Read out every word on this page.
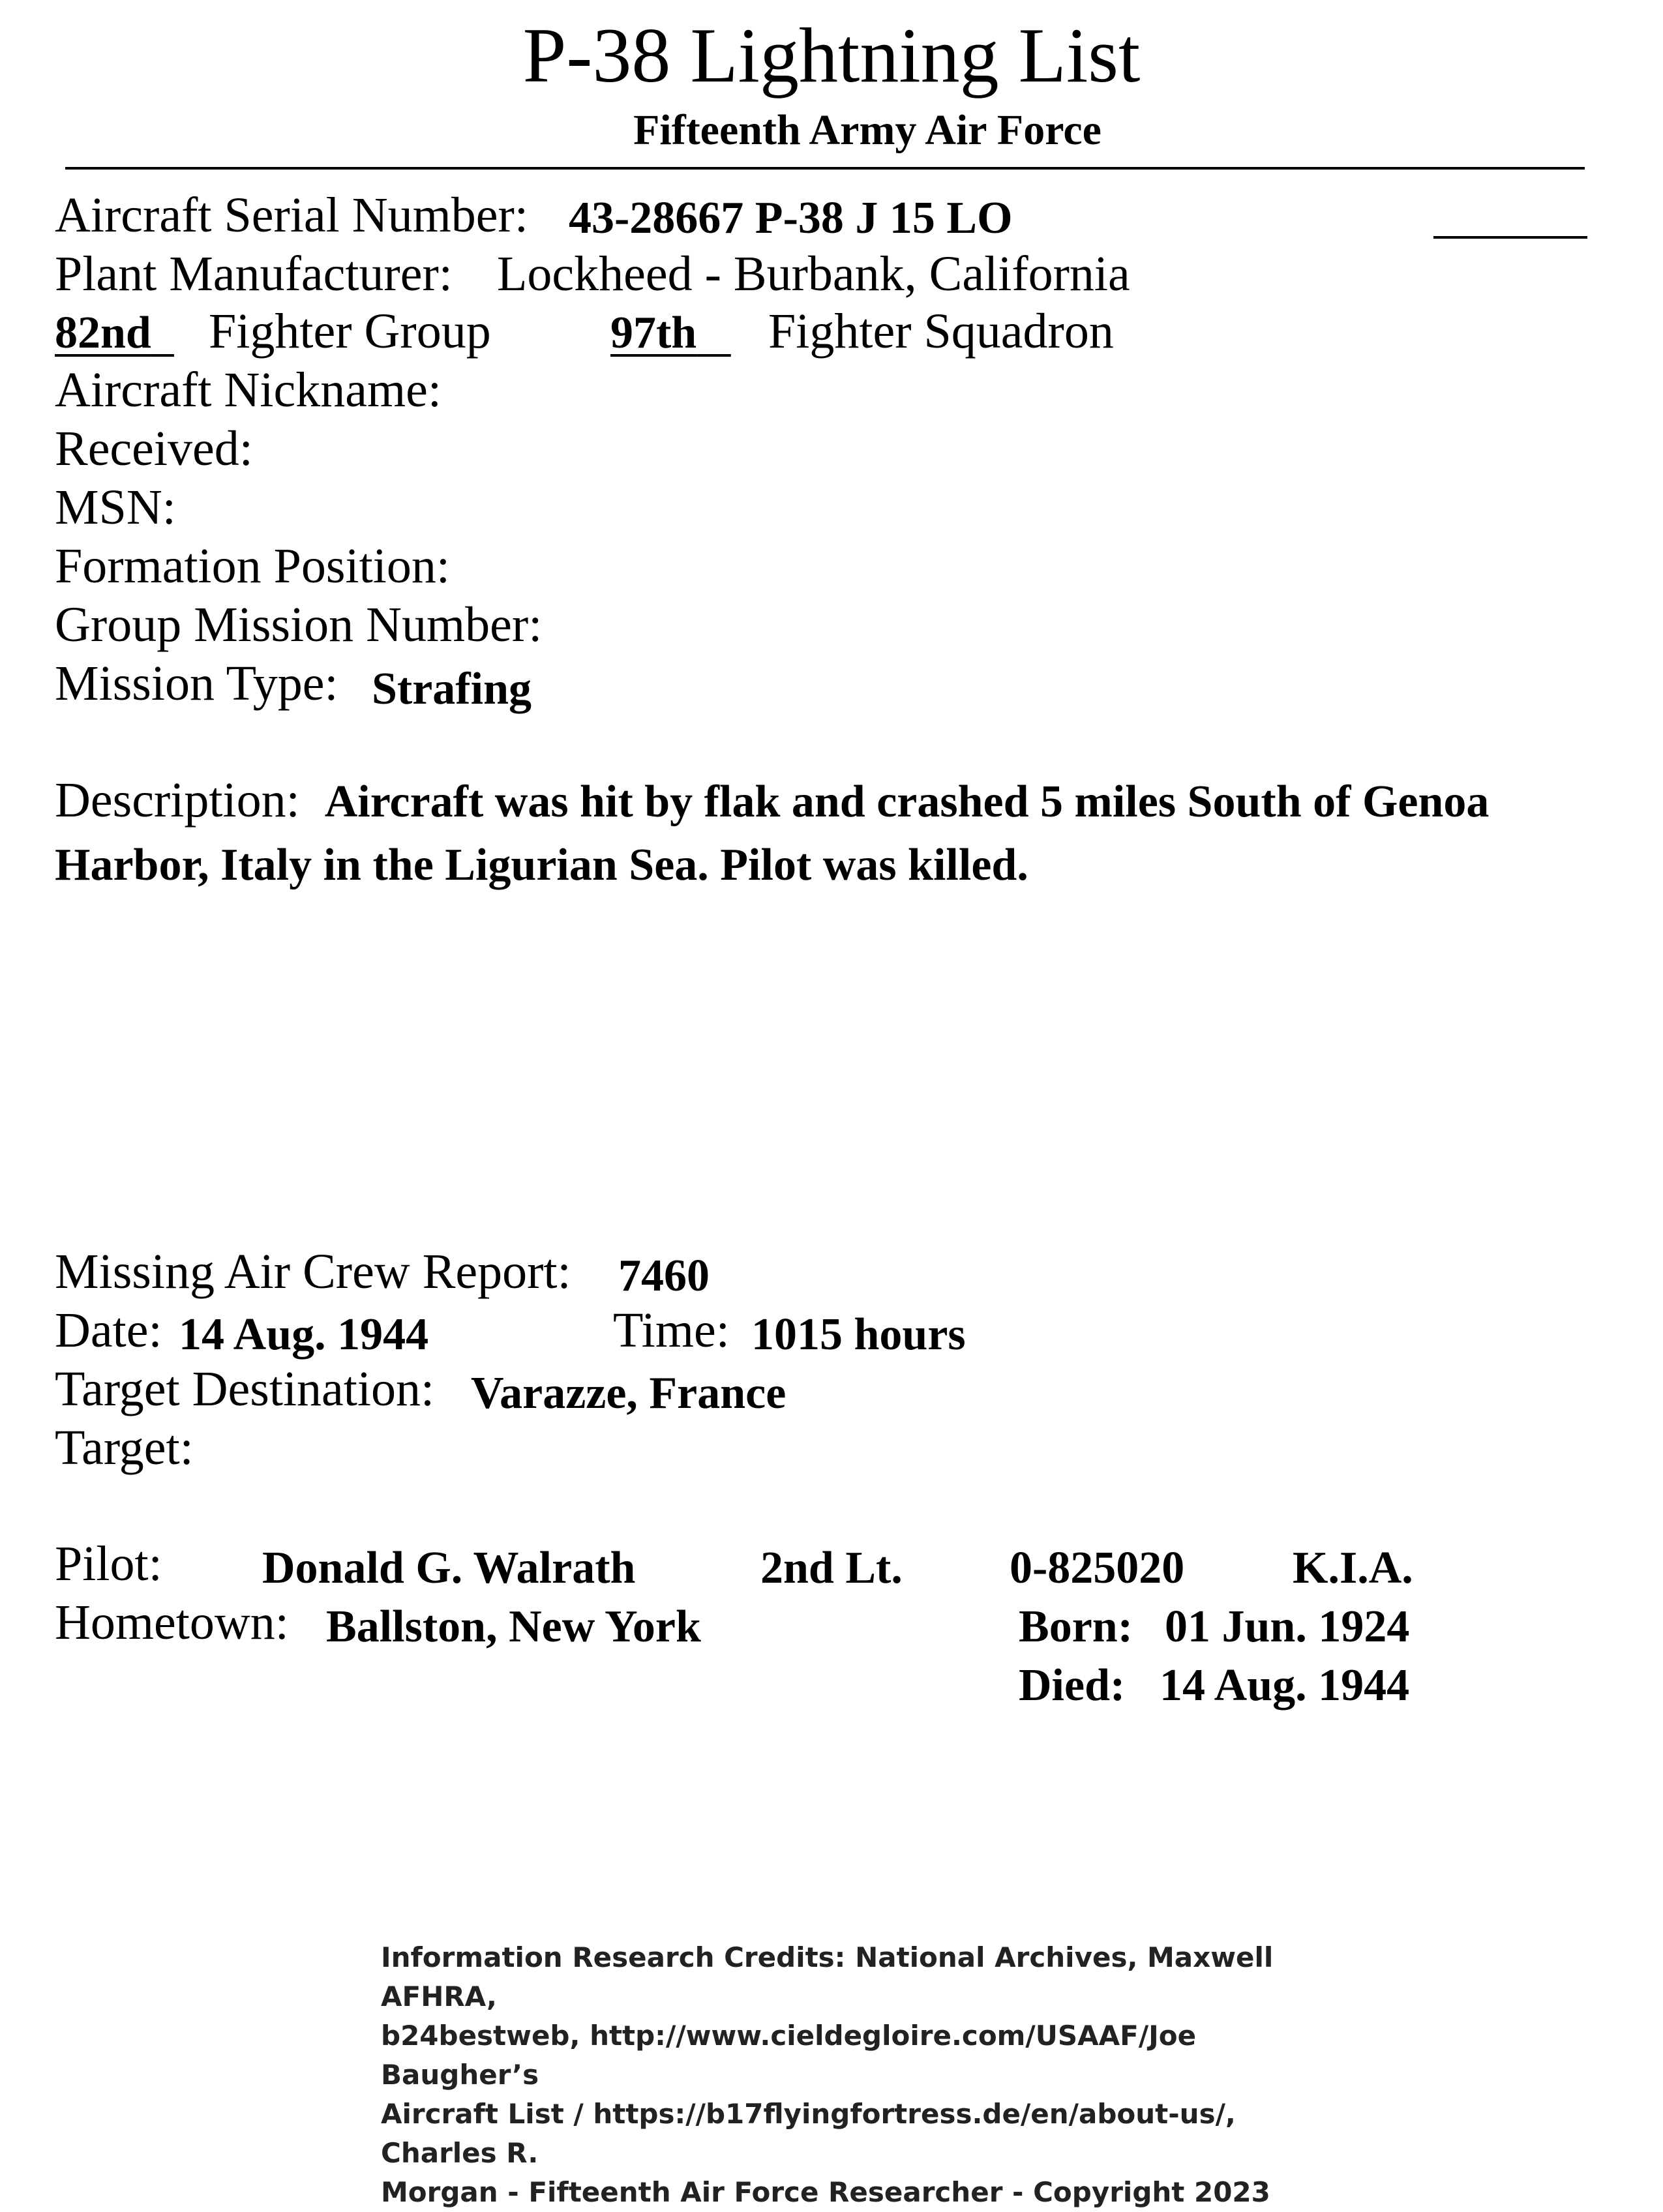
P-38 Lightning List
Fifteenth Army Air Force
Aircraft Serial Number: 43-28667 P-38 J 15 LO
Plant Manufacturer: Lockheed - Burbank, California
82nd	Fighter Group	97th	Fighter Squadron
Aircraft Nickname:
Received:
MSN:
Formation Position:
Group Mission Number:
Mission Type: Strafing
Description: Aircraft was hit by flak and crashed 5 miles South of Genoa Harbor, Italy in the Ligurian Sea. Pilot was killed.
Missing Air Crew Report: 7460
Date: 14 Aug. 1944	Time: 1015 hours
Target Destination: Varazze, France
Target:
Pilot: Donald G. Walrath	2nd Lt. 0-825020 K.I.A.
Hometown: Ballston, New York	Born: 01 Jun. 1924
Died: 14 Aug. 1944
Information Research Credits: National Archives, Maxwell AFHRA,
b24bestweb, http://www.cieldegloire.com/USAAF/Joe Baugher’s
Aircraft List / https://b17flyingfortress.de/en/about-us/, Charles R.
Morgan - Fifteenth Air Force Researcher - Copyright 2023
